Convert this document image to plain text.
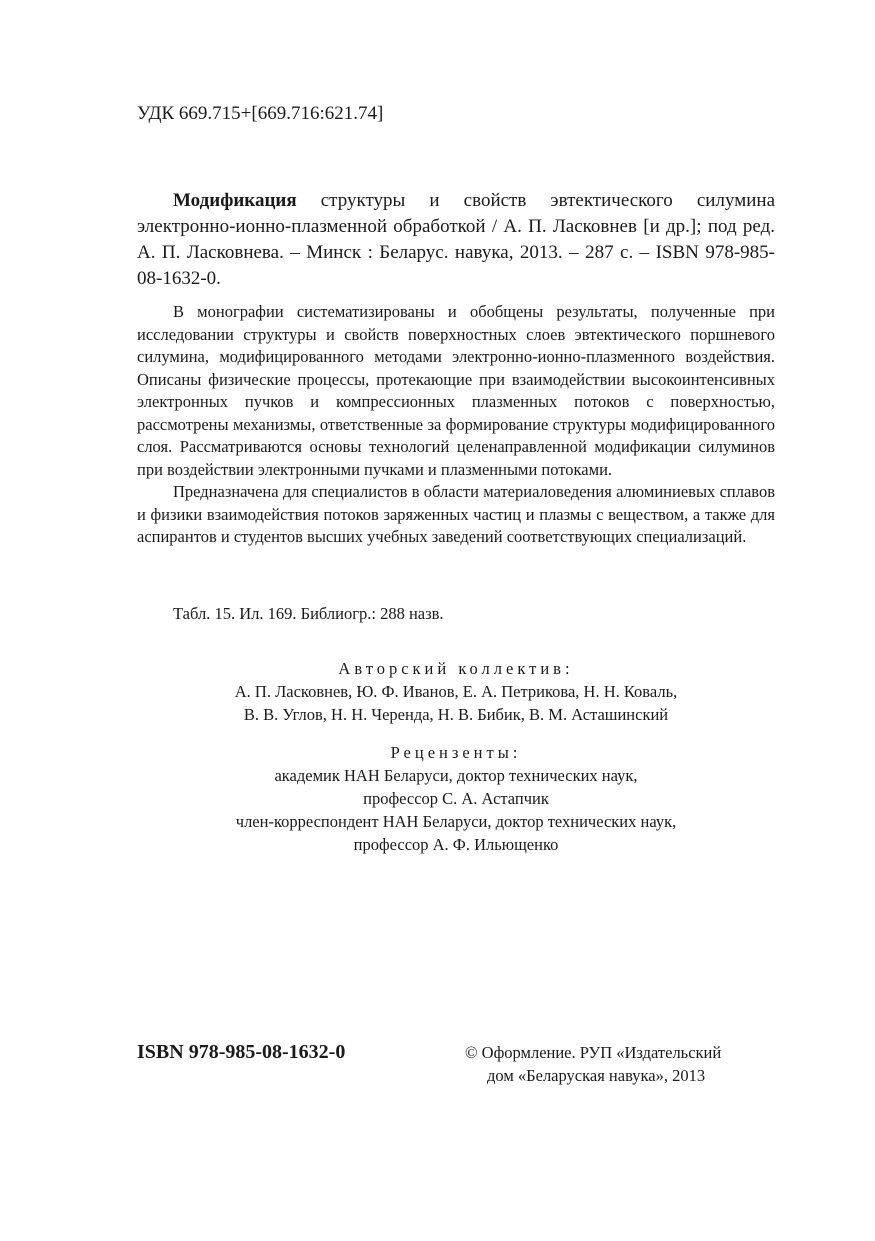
УДК 669.715+[669.716:621.74]
Модификация структуры и свойств эвтектического силумина электронно-ионно-плазменной обработкой / А. П. Ласковнев [и др.]; под ред. А. П. Ласковнева. – Минск : Беларус. навука, 2013. – 287 с. – ISBN 978-985-08-1632-0.

В монографии систематизированы и обобщены результаты, полученные при исследовании структуры и свойств поверхностных слоев эвтектического поршневого силумина, модифицированного методами электронно-ионно-плазменного воздействия. Описаны физические процессы, протекающие при взаимодействии высокоинтенсивных электронных пучков и компрессионных плазменных потоков с поверхностью, рассмотрены механизмы, ответственные за формирование структуры модифицированного слоя. Рассматриваются основы технологий целенаправленной модификации силуминов при воздействии электронными пучками и плазменными потоками.

Предназначена для специалистов в области материаловедения алюминиевых сплавов и физики взаимодействия потоков заряженных частиц и плазмы с веществом, а также для аспирантов и студентов высших учебных заведений соответствующих специализаций.

Табл. 15. Ил. 169. Библиогр.: 288 назв.
Авторский коллектив:
А. П. Ласковнев, Ю. Ф. Иванов, Е. А. Петрикова, Н. Н. Коваль,
В. В. Углов, Н. Н. Черенда, Н. В. Бибик, В. М. Асташинский
Рецензенты:
академик НАН Беларуси, доктор технических наук,
профессор С. А. Астапчик
член-корреспондент НАН Беларуси, доктор технических наук,
профессор А. Ф. Ильющенко
ISBN 978-985-08-1632-0	© Оформление. РУП «Издательский
дом «Беларуская навука», 2013
